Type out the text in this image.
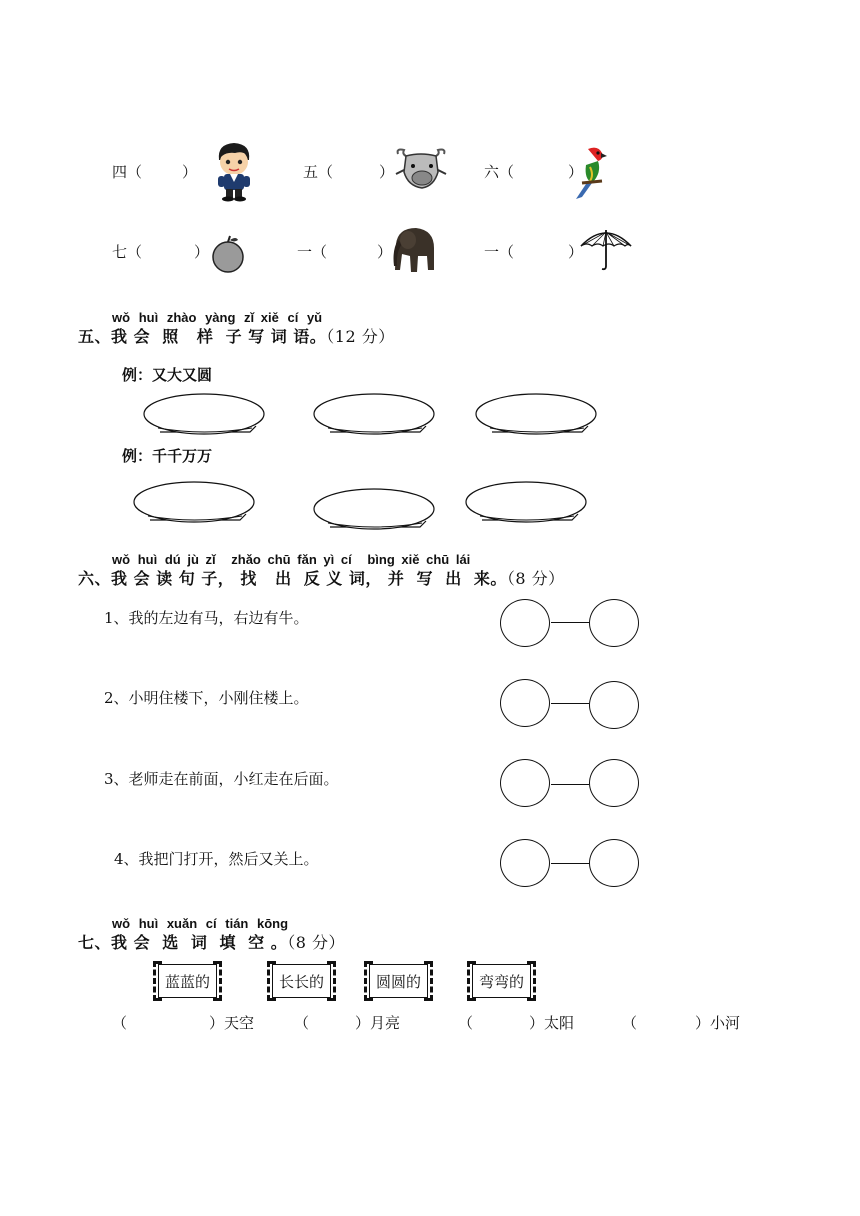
四（	）	五（	）	六（	）
七（	）	一（	）	一（	）
wǒ huì zhào yàng zǐ xiě cí yǔ
五、我 会  照   样  子 写 词 语。（12 分）
例：又大又圆
例：千千万万
wǒ huì dú jù zǐ zhǎo chū fǎn yì cí bìng xiě chū lái
六、我 会 读 句 子， 找   出  反 义 词， 并  写  出  来。（8 分）
1、我的左边有马，右边有牛。
2、小明住楼下，小刚住楼上。
3、老师走在前面，小红走在后面。
4、我把门打开，然后又关上。
wǒ huì xuǎn cí tián kōng
七、我 会  选  词  填  空 。（8 分）
蓝蓝的	长长的	圆圆的	弯弯的
（	）天空	（	）月亮	（	）太阳	（	）小河
